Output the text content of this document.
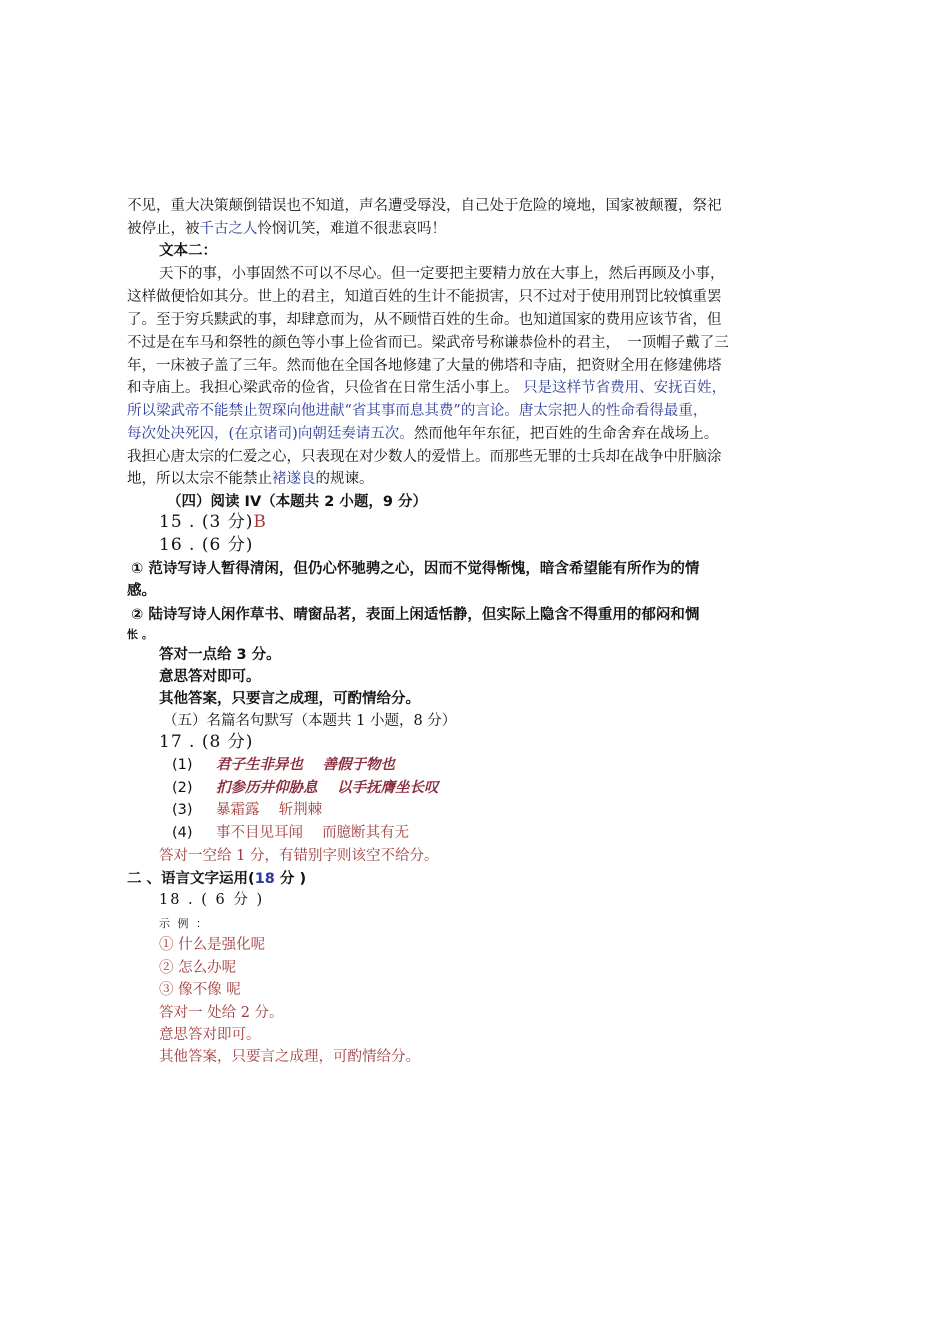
不见，重大决策颠倒错误也不知道，声名遭受辱没，自己处于危险的境地，国家被颠覆，祭祀
被停止，被千古之人怜悯讥笑，难道不很悲哀吗！
文本二：
天下的事，小事固然不可以不尽心。但一定要把主要精力放在大事上，然后再顾及小事，
这样做便恰如其分。世上的君主，知道百姓的生计不能损害，只不过对于使用刑罚比较慎重罢
了。至于穷兵黩武的事，却肆意而为，从不顾惜百姓的生命。也知道国家的费用应该节省，但
不过是在车马和祭牲的颜色等小事上俭省而已。梁武帝号称谦恭俭朴的君主，　一顶帽子戴了三
年，一床被子盖了三年。然而他在全国各地修建了大量的佛塔和寺庙，把资财全用在修建佛塔
和寺庙上。我担心梁武帝的俭省，只俭省在日常生活小事上。 只是这样节省费用、安抚百姓，
所以梁武帝不能禁止贺琛向他进献“省其事而息其费”的言论。唐太宗把人的性命看得最重，
每次处决死囚，(在京诸司)向朝廷奏请五次。然而他年年东征，把百姓的生命舍弃在战场上。
我担心唐太宗的仁爱之心，只表现在对少数人的爱惜上。而那些无罪的士兵却在战争中肝脑涂
地，所以太宗不能禁止褚遂良的规谏。
（四）阅读 IV（本题共 2 小题，9 分）
15 . (3 分)B
16 . (6 分)
① 范诗写诗人暂得清闲，但仍心怀驰骋之心，因而不觉得惭愧，暗含希望能有所作为的情
感。
② 陆诗写诗人闲作草书、晴窗品茗，表面上闲适恬静，但实际上隐含不得重用的郁闷和惆
怅 。
答对一点给 3 分。
意思答对即可。
其他答案，只要言之成理，可酌情给分。
（五）名篇名句默写（本题共 1 小题，8 分）
17 . (8 分)
(1) 君子生非异也　 善假于物也
(2) 扪参历井仰胁息　 以手抚膺坐长叹
(3) 暴霜露　 斩荆棘
(4) 事不目见耳闻　 而臆断其有无
答对一空给 1 分，有错别字则该空不给分。
二 、语言文字运用(18 分 )
18 . ( 6 分 )
示 例 ：
① 什么是强化呢
② 怎么办呢
③ 像不像 呢
答对一 处给 2 分。
意思答对即可。
其他答案，只要言之成理，可酌情给分。
